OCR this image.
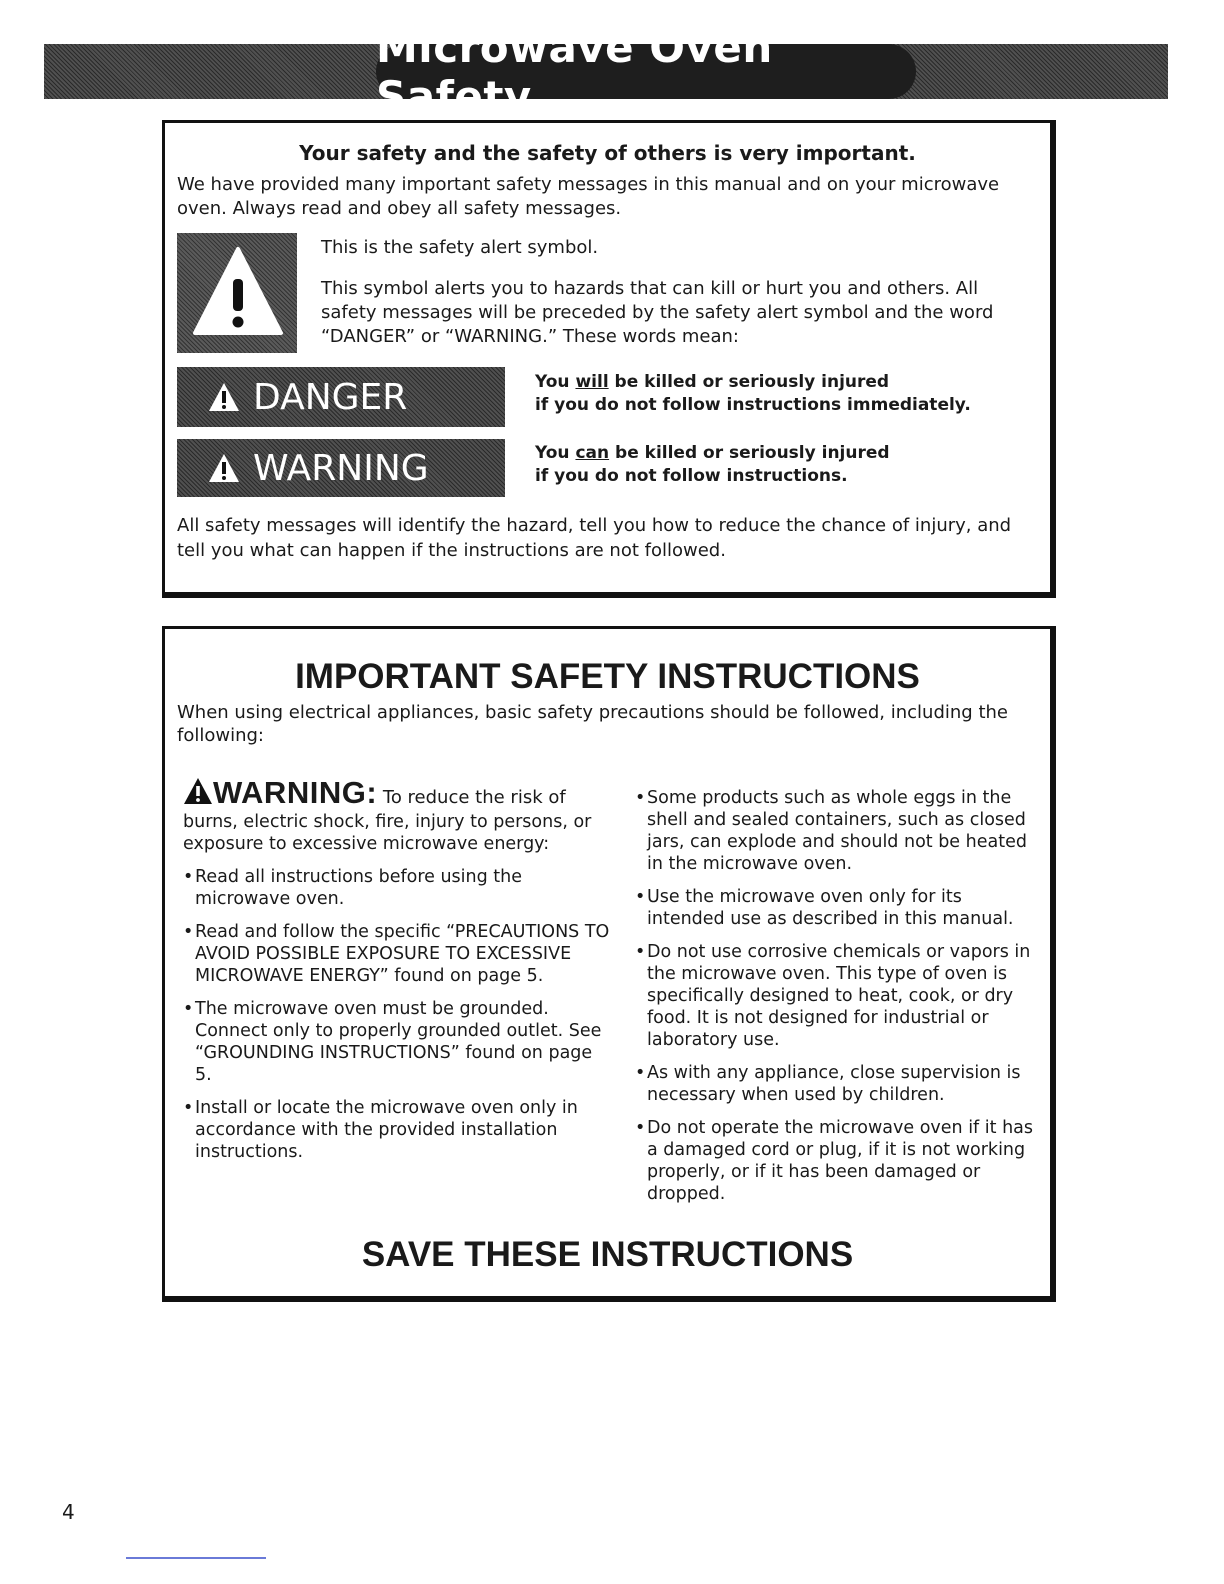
Microwave Oven Safety
Your safety and the safety of others is very important.
We have provided many important safety messages in this manual and on your microwave oven. Always read and obey all safety messages.
This is the safety alert symbol.
This symbol alerts you to hazards that can kill or hurt you and others. All safety messages will be preceded by the safety alert symbol and the word “DANGER” or “WARNING.” These words mean:
DANGER	You will be killed or seriously injured
if you do not follow instructions immediately.
WARNING	You can be killed or seriously injured
if you do not follow instructions.
All safety messages will identify the hazard, tell you how to reduce the chance of injury, and tell you what can happen if the instructions are not followed.
IMPORTANT SAFETY INSTRUCTIONS
When using electrical appliances, basic safety precautions should be followed, including the following:
WARNING: To reduce the risk of
burns, electric shock, fire, injury to persons, or exposure to excessive microwave energy:
• Read all instructions before using the microwave oven.
• Read and follow the specific “PRECAUTIONS TO AVOID POSSIBLE EXPOSURE TO EXCESSIVE MICROWAVE ENERGY” found on page 5.
• The microwave oven must be grounded. Connect only to properly grounded outlet. See “GROUNDING INSTRUCTIONS” found on page 5.
• Install or locate the microwave oven only in accordance with the provided installation instructions.
• Some products such as whole eggs in the shell and sealed containers, such as closed jars, can explode and should not be heated in the microwave oven.
• Use the microwave oven only for its intended use as described in this manual.
• Do not use corrosive chemicals or vapors in the microwave oven. This type of oven is specifically designed to heat, cook, or dry food. It is not designed for industrial or laboratory use.
• As with any appliance, close supervision is necessary when used by children.
• Do not operate the microwave oven if it has a damaged cord or plug, if it is not working properly, or if it has been damaged or dropped.
SAVE THESE INSTRUCTIONS
4
